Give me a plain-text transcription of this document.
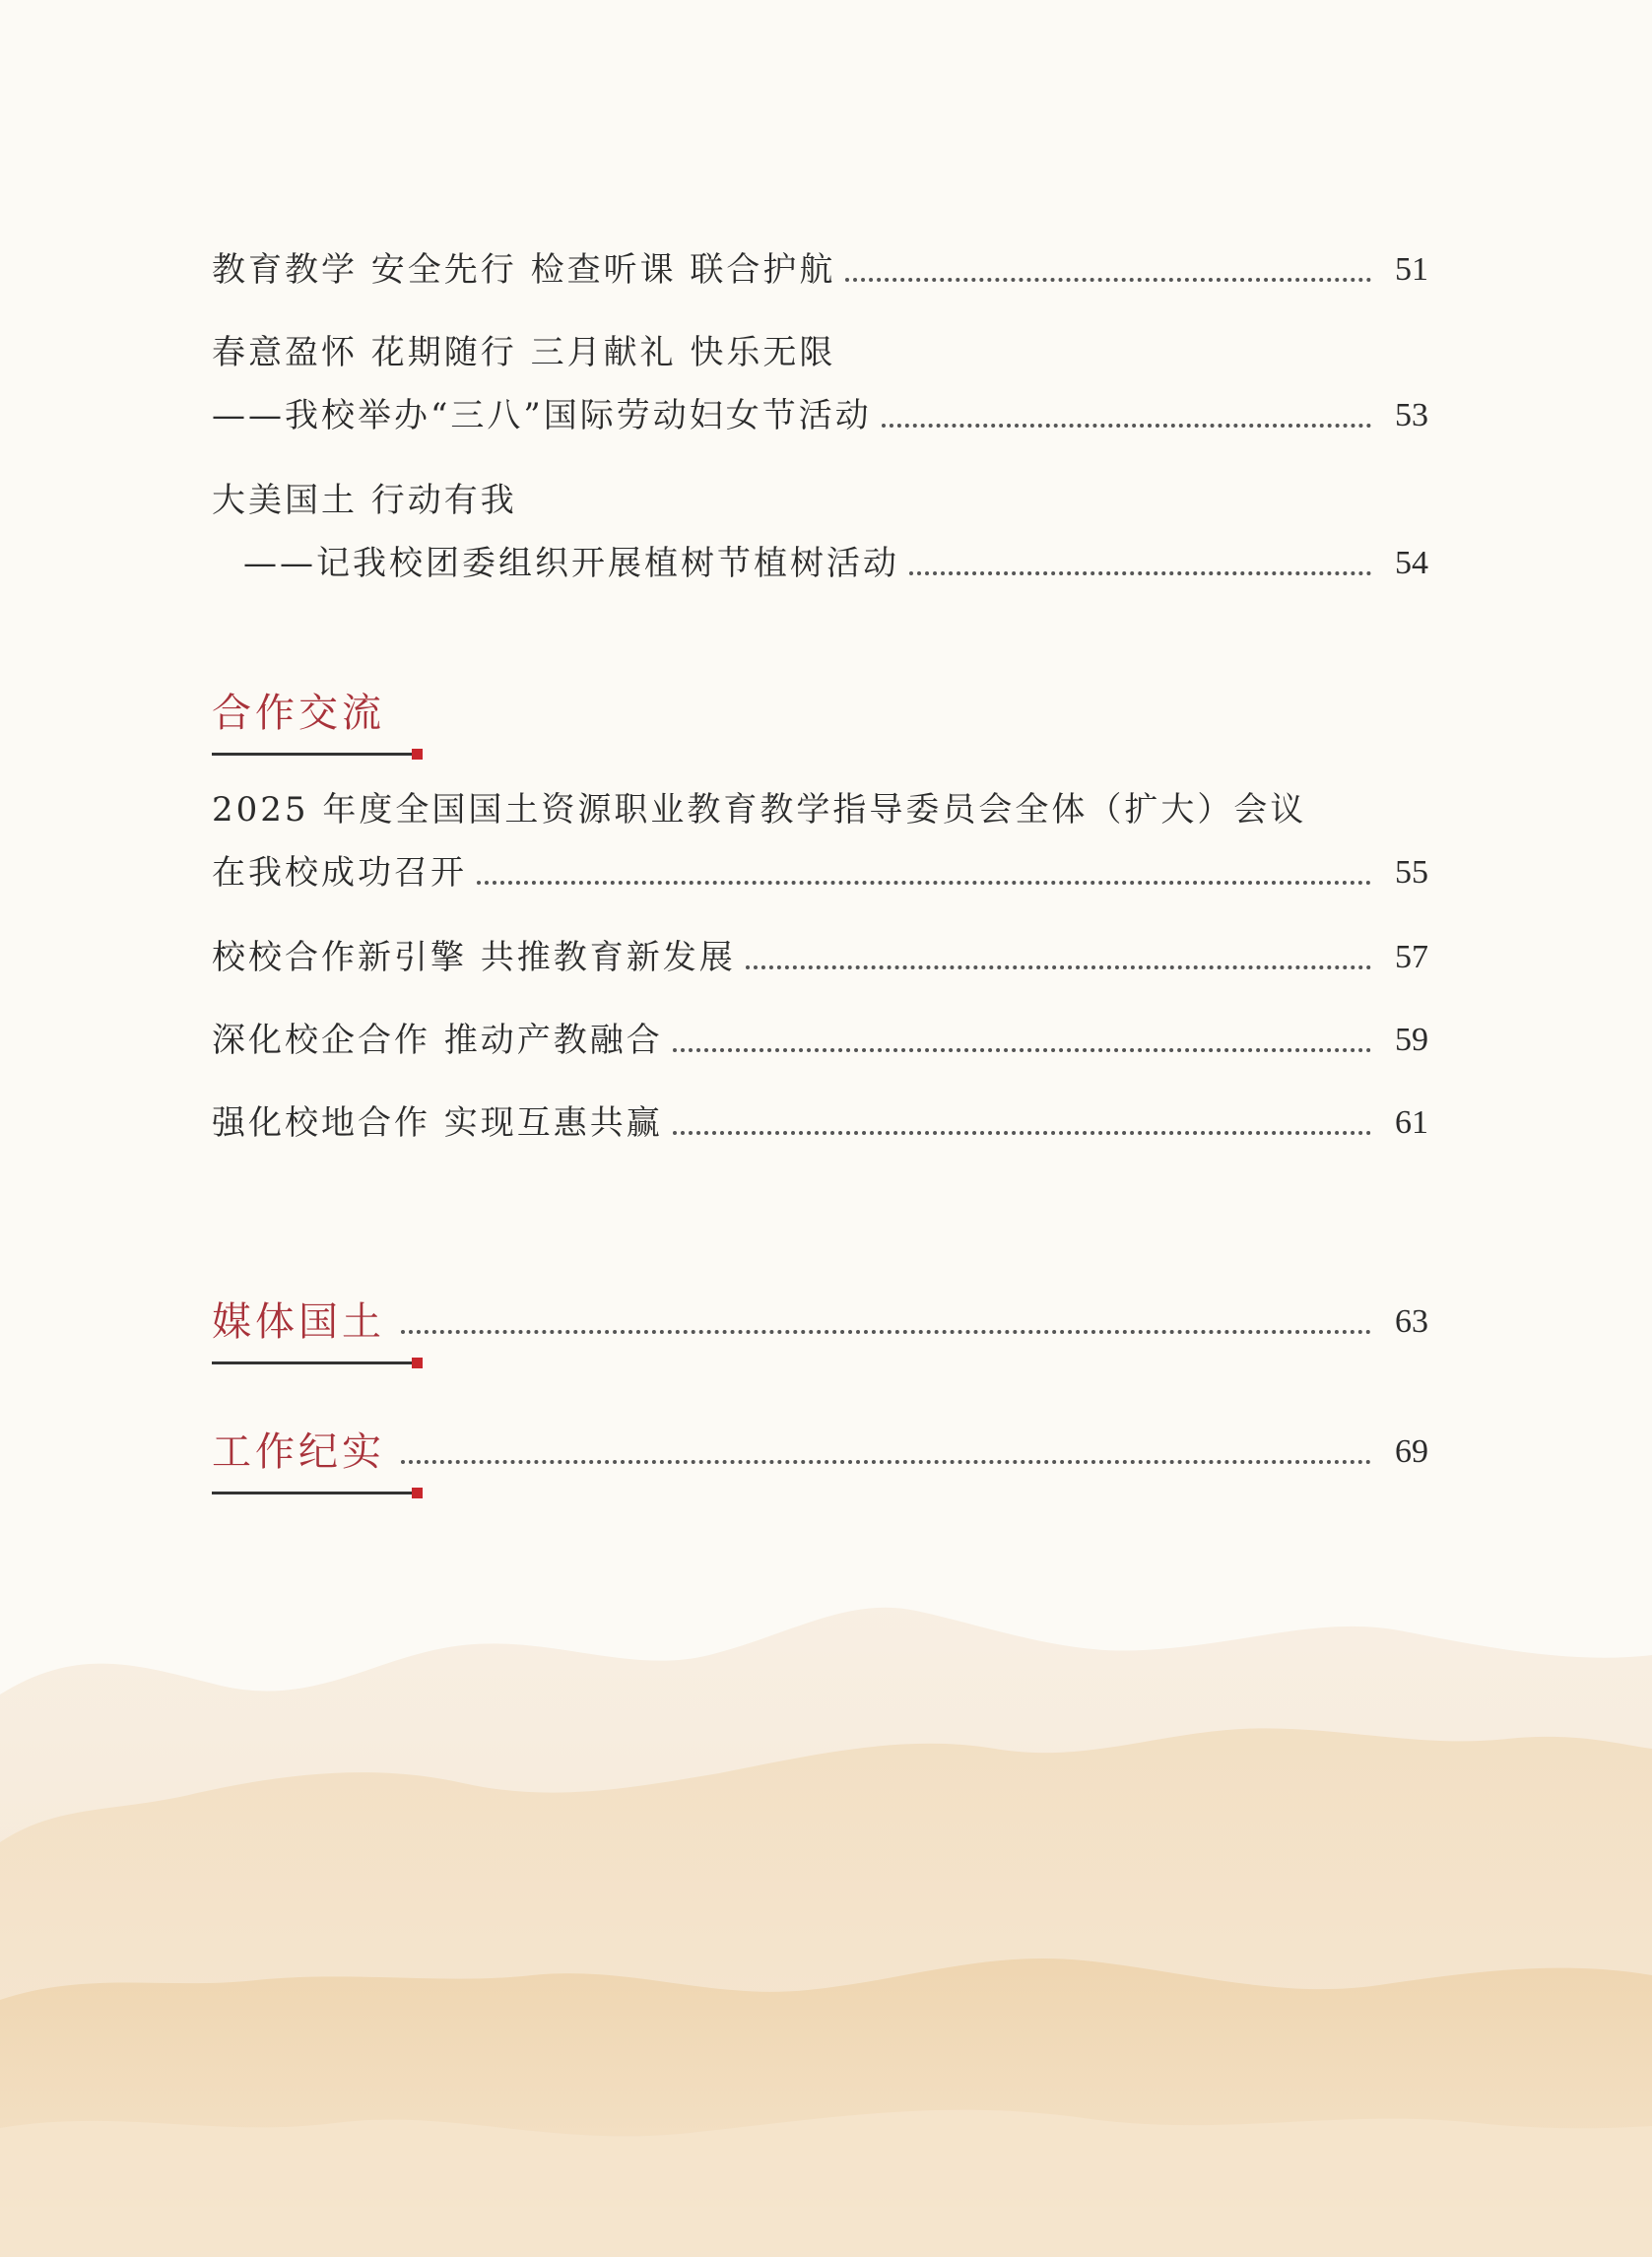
教育教学 安全先行 检查听课 联合护航	51
春意盈怀 花期随行 三月献礼 快乐无限
——我校举办“三八”国际劳动妇女节活动	53
大美国土 行动有我
——记我校团委组织开展植树节植树活动	54
合作交流
2025 年度全国国土资源职业教育教学指导委员会全体（扩大）会议
在我校成功召开	55
校校合作新引擎 共推教育新发展	57
深化校企合作 推动产教融合	59
强化校地合作 实现互惠共赢	61
媒体国土	63
工作纪实	69
